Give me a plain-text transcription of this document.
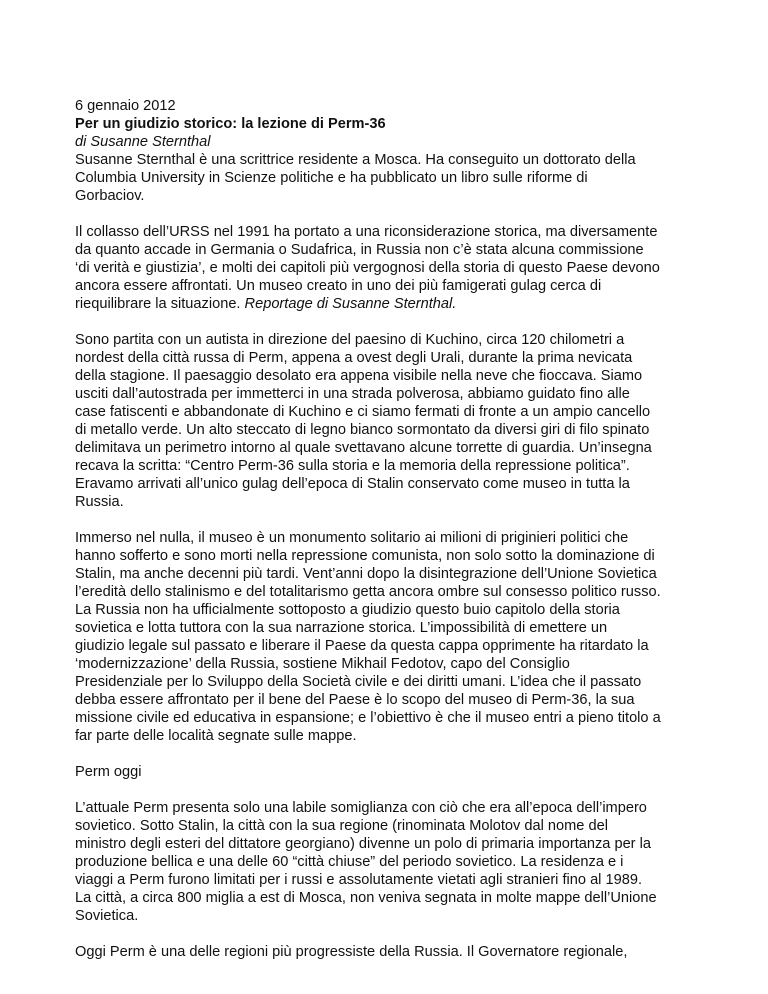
6 gennaio 2012
Per un giudizio storico: la lezione di Perm-36
di Susanne Sternthal

Susanne Sternthal è una scrittrice residente a Mosca. Ha conseguito un dottorato della
Columbia University in Scienze politiche e ha pubblicato un libro sulle riforme di
Gorbaciov.

Il collasso dell’URSS nel 1991 ha portato a una riconsiderazione storica, ma diversamente
da quanto accade in Germania o Sudafrica, in Russia non c’è stata alcuna commissione
‘di verità e giustizia’, e molti dei capitoli più vergognosi della storia di questo Paese devono
ancora essere affrontati. Un museo creato in uno dei più famigerati gulag cerca di
riequilibrare la situazione. Reportage di Susanne Sternthal.

Sono partita con un autista in direzione del paesino di Kuchino, circa 120 chilometri a
nordest della città russa di Perm, appena a ovest degli Urali, durante la prima nevicata
della stagione. Il paesaggio desolato era appena visibile nella neve che fioccava. Siamo
usciti dall’autostrada per immetterci in una strada polverosa, abbiamo guidato fino alle
case fatiscenti e abbandonate di Kuchino e ci siamo fermati di fronte a un ampio cancello
di metallo verde. Un alto steccato di legno bianco sormontato da diversi giri di filo spinato
delimitava un perimetro intorno al quale svettavano alcune torrette di guardia. Un’insegna
recava la scritta: “Centro Perm-36 sulla storia e la memoria della repressione politica”.
Eravamo arrivati all’unico gulag dell’epoca di Stalin conservato come museo in tutta la
Russia.

Immerso nel nulla, il museo è un monumento solitario ai milioni di priginieri politici che
hanno sofferto e sono morti nella repressione comunista, non solo sotto la dominazione di
Stalin, ma anche decenni più tardi. Vent’anni dopo la disintegrazione dell’Unione Sovietica
l’eredità dello stalinismo e del totalitarismo getta ancora ombre sul consesso politico russo.
La Russia non ha ufficialmente sottoposto a giudizio questo buio capitolo della storia
sovietica e lotta tuttora con la sua narrazione storica. L’impossibilità di emettere un
giudizio legale sul passato e liberare il Paese da questa cappa opprimente ha ritardato la
‘modernizzazione’ della Russia, sostiene Mikhail Fedotov, capo del Consiglio
Presidenziale per lo Sviluppo della Società civile e dei diritti umani. L’idea che il passato
debba essere affrontato per il bene del Paese è lo scopo del museo di Perm-36, la sua
missione civile ed educativa in espansione; e l’obiettivo è che il museo entri a pieno titolo a
far parte delle località segnate sulle mappe.

Perm oggi

L’attuale Perm presenta solo una labile somiglianza con ciò che era all’epoca dell’impero
sovietico. Sotto Stalin, la città con la sua regione (rinominata Molotov dal nome del
ministro degli esteri del dittatore georgiano) divenne un polo di primaria importanza per la
produzione bellica e una delle 60 “città chiuse” del periodo sovietico. La residenza e i
viaggi a Perm furono limitati per i russi e assolutamente vietati agli stranieri fino al 1989.
La città, a circa 800 miglia a est di Mosca, non veniva segnata in molte mappe dell’Unione
Sovietica.

Oggi Perm è una delle regioni più progressiste della Russia. Il Governatore regionale,
